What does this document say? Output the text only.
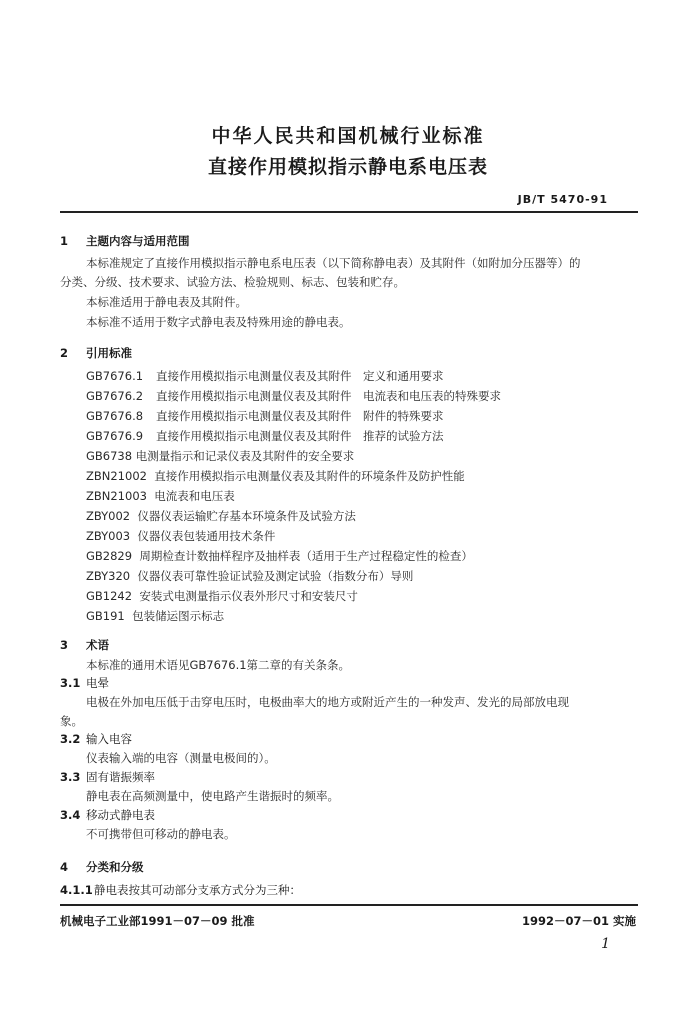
中华人民共和国机械行业标准
直接作用模拟指示静电系电压表
JB/T 5470-91
1 主题内容与适用范围
本标准规定了直接作用模拟指示静电系电压表（以下简称静电表）及其附件（如附加分压器等）的
分类、分级、技术要求、试验方法、检验规则、标志、包装和贮存。
本标准适用于静电表及其附件。
本标准不适用于数字式静电表及特殊用途的静电表。
2 引用标准
GB7676.1 直接作用模拟指示电测量仪表及其附件　定义和通用要求
GB7676.2 直接作用模拟指示电测量仪表及其附件　电流表和电压表的特殊要求
GB7676.8 直接作用模拟指示电测量仪表及其附件　附件的特殊要求
GB7676.9 直接作用模拟指示电测量仪表及其附件　推荐的试验方法
GB6738 电测量指示和记录仪表及其附件的安全要求
ZBN21002 直接作用模拟指示电测量仪表及其附件的环境条件及防护性能
ZBN21003 电流表和电压表
ZBY002 仪器仪表运输贮存基本环境条件及试验方法
ZBY003 仪器仪表包装通用技术条件
GB2829 周期检查计数抽样程序及抽样表（适用于生产过程稳定性的检查）
ZBY320 仪器仪表可靠性验证试验及测定试验（指数分布）导则
GB1242 安装式电测量指示仪表外形尺寸和安装尺寸
GB191 包装储运图示标志
3 术语
本标准的通用术语见GB7676.1第二章的有关条条。
3.1 电晕
电极在外加电压低于击穿电压时，电极曲率大的地方或附近产生的一种发声、发光的局部放电现
象。
3.2 输入电容
仪表输入端的电容（测量电极间的）。
3.3 固有谐振频率
静电表在高频测量中，使电路产生谐振时的频率。
3.4 移动式静电表
不可携带但可移动的静电表。
4 分类和分级
4.1.1静电表按其可动部分支承方式分为三种：
机械电子工业部1991－07－09 批准	1992－07－01 实施
1
